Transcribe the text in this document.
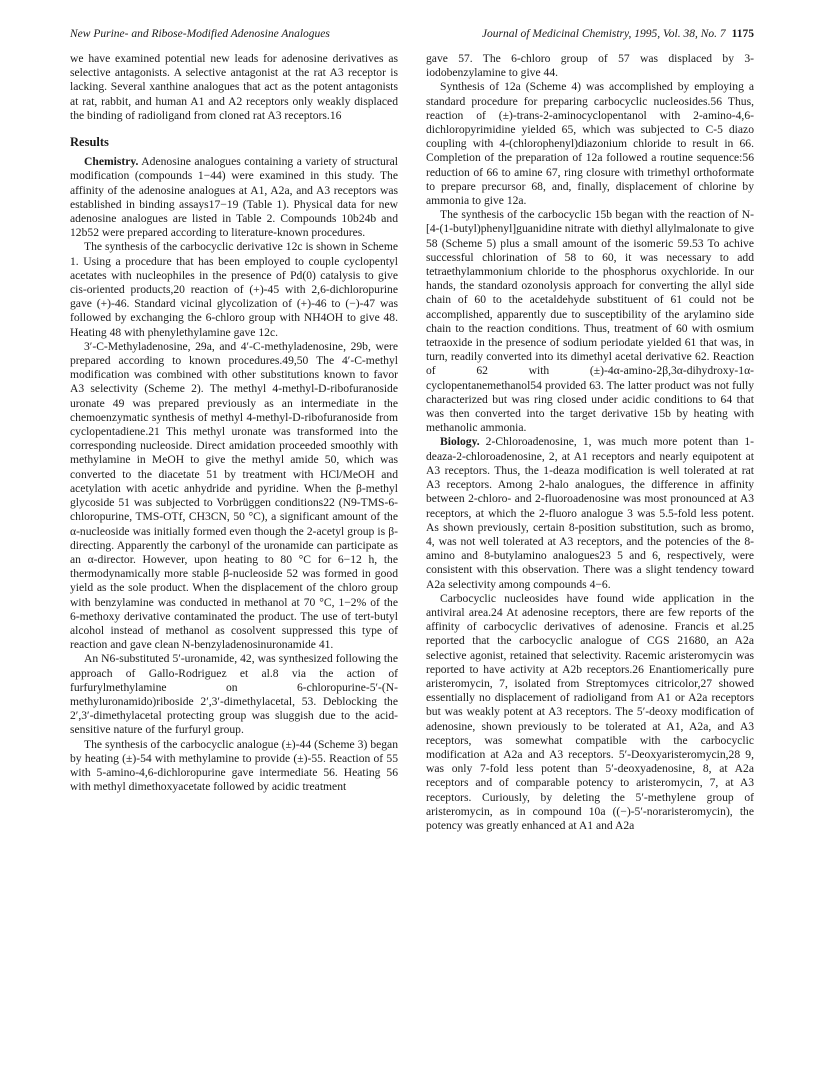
New Purine- and Ribose-Modified Adenosine Analogues	Journal of Medicinal Chemistry, 1995, Vol. 38, No. 7 1175

we have examined potential new leads for adenosine derivatives as selective antagonists. A selective antagonist at the rat A3 receptor is lacking. Several xanthine analogues that act as the potent antagonists at rat, rabbit, and human A1 and A2 receptors only weakly displaced the binding of radioligand from cloned rat A3 receptors.16

Results

Chemistry. Adenosine analogues containing a variety of structural modification (compounds 1−44) were examined in this study. The affinity of the adenosine analogues at A1, A2a, and A3 receptors was established in binding assays17−19 (Table 1). Physical data for new adenosine analogues are listed in Table 2. Compounds 10b24b and 12b52 were prepared according to literature-known procedures.

The synthesis of the carbocyclic derivative 12c is shown in Scheme 1. Using a procedure that has been employed to couple cyclopentyl acetates with nucleophiles in the presence of Pd(0) catalysis to give cis-oriented products,20 reaction of (+)-45 with 2,6-dichloropurine gave (+)-46. Standard vicinal glycolization of (+)-46 to (−)-47 was followed by exchanging the 6-chloro group with NH4OH to give 48. Heating 48 with phenylethylamine gave 12c.

3′-C-Methyladenosine, 29a, and 4′-C-methyladenosine, 29b, were prepared according to known procedures.49,50 The 4′-C-methyl modification was combined with other substitutions known to favor A3 selectivity (Scheme 2). The methyl 4-methyl-D-ribofuranoside uronate 49 was prepared previously as an intermediate in the chemoenzymatic synthesis of methyl 4-methyl-D-ribofuranoside from cyclopentadiene.21 This methyl uronate was transformed into the corresponding nucleoside. Direct amidation proceeded smoothly with methylamine in MeOH to give the methyl amide 50, which was converted to the diacetate 51 by treatment with HCl/MeOH and acetylation with acetic anhydride and pyridine. When the β-methyl glycoside 51 was subjected to Vorbrüggen conditions22 (N9-TMS-6-chloropurine, TMS-OTf, CH3CN, 50 °C), a significant amount of the α-nucleoside was initially formed even though the 2-acetyl group is β-directing. Apparently the carbonyl of the uronamide can participate as an α-director. However, upon heating to 80 °C for 6−12 h, the thermodynamically more stable β-nucleoside 52 was formed in good yield as the sole product. When the displacement of the chloro group with benzylamine was conducted in methanol at 70 °C, 1−2% of the 6-methoxy derivative contaminated the product. The use of tert-butyl alcohol instead of methanol as cosolvent suppressed this type of reaction and gave clean N-benzyladenosinuronamide 41.

An N6-substituted 5′-uronamide, 42, was synthesized following the approach of Gallo-Rodriguez et al.8 via the action of furfurylmethylamine on 6-chloropurine-5′-(N-methyluronamido)riboside 2′,3′-dimethylacetal, 53. Deblocking the 2′,3′-dimethylacetal protecting group was sluggish due to the acid-sensitive nature of the furfuryl group.

The synthesis of the carbocyclic analogue (±)-44 (Scheme 3) began by heating (±)-54 with methylamine to provide (±)-55. Reaction of 55 with 5-amino-4,6-dichloropurine gave intermediate 56. Heating 56 with methyl dimethoxyacetate followed by acidic treatment

gave 57. The 6-chloro group of 57 was displaced by 3-iodobenzylamine to give 44.

Synthesis of 12a (Scheme 4) was accomplished by employing a standard procedure for preparing carbocyclic nucleosides.56 Thus, reaction of (±)-trans-2-aminocyclopentanol with 2-amino-4,6-dichloropyrimidine yielded 65, which was subjected to C-5 diazo coupling with 4-(chlorophenyl)diazonium chloride to result in 66. Completion of the preparation of 12a followed a routine sequence:56 reduction of 66 to amine 67, ring closure with trimethyl orthoformate to prepare precursor 68, and, finally, displacement of chlorine by ammonia to give 12a.

The synthesis of the carbocyclic 15b began with the reaction of N-[4-(1-butyl)phenyl]guanidine nitrate with diethyl allylmalonate to give 58 (Scheme 5) plus a small amount of the isomeric 59.53 To achive successful chlorination of 58 to 60, it was necessary to add tetraethylammonium chloride to the phosphorus oxychloride. In our hands, the standard ozonolysis approach for converting the allyl side chain of 60 to the acetaldehyde substituent of 61 could not be accomplished, apparently due to susceptibility of the arylamino side chain to the reaction conditions. Thus, treatment of 60 with osmium tetraoxide in the presence of sodium periodate yielded 61 that was, in turn, readily converted into its dimethyl acetal derivative 62. Reaction of 62 with (±)-4α-amino-2β,3α-dihydroxy-1α-cyclopentanemethanol54 provided 63. The latter product was not fully characterized but was ring closed under acidic conditions to 64 that was then converted into the target derivative 15b by heating with methanolic ammonia.

Biology. 2-Chloroadenosine, 1, was much more potent than 1-deaza-2-chloroadenosine, 2, at A1 receptors and nearly equipotent at A3 receptors. Thus, the 1-deaza modification is well tolerated at rat A3 receptors. Among 2-halo analogues, the difference in affinity between 2-chloro- and 2-fluoroadenosine was most pronounced at A3 receptors, at which the 2-fluoro analogue 3 was 5.5-fold less potent. As shown previously, certain 8-position substitution, such as bromo, 4, was not well tolerated at A3 receptors, and the potencies of the 8-amino and 8-butylamino analogues23 5 and 6, respectively, were consistent with this observation. There was a slight tendency toward A2a selectivity among compounds 4−6.

Carbocyclic nucleosides have found wide application in the antiviral area.24 At adenosine receptors, there are few reports of the affinity of carbocyclic derivatives of adenosine. Francis et al.25 reported that the carbocyclic analogue of CGS 21680, an A2a selective agonist, retained that selectivity. Racemic aristeromycin was reported to have activity at A2b receptors.26 Enantiomerically pure aristeromycin, 7, isolated from Streptomyces citricolor,27 showed essentially no displacement of radioligand from A1 or A2a receptors but was weakly potent at A3 receptors. The 5′-deoxy modification of adenosine, shown previously to be tolerated at A1, A2a, and A3 receptors, was somewhat compatible with the carbocyclic modification at A2a and A3 receptors. 5′-Deoxyaristeromycin,28 9, was only 7-fold less potent than 5′-deoxyadenosine, 8, at A2a receptors and of comparable potency to aristeromycin, 7, at A3 receptors. Curiously, by deleting the 5′-methylene group of aristeromycin, as in compound 10a ((−)-5′-noraristeromycin), the potency was greatly enhanced at A1 and A2a
